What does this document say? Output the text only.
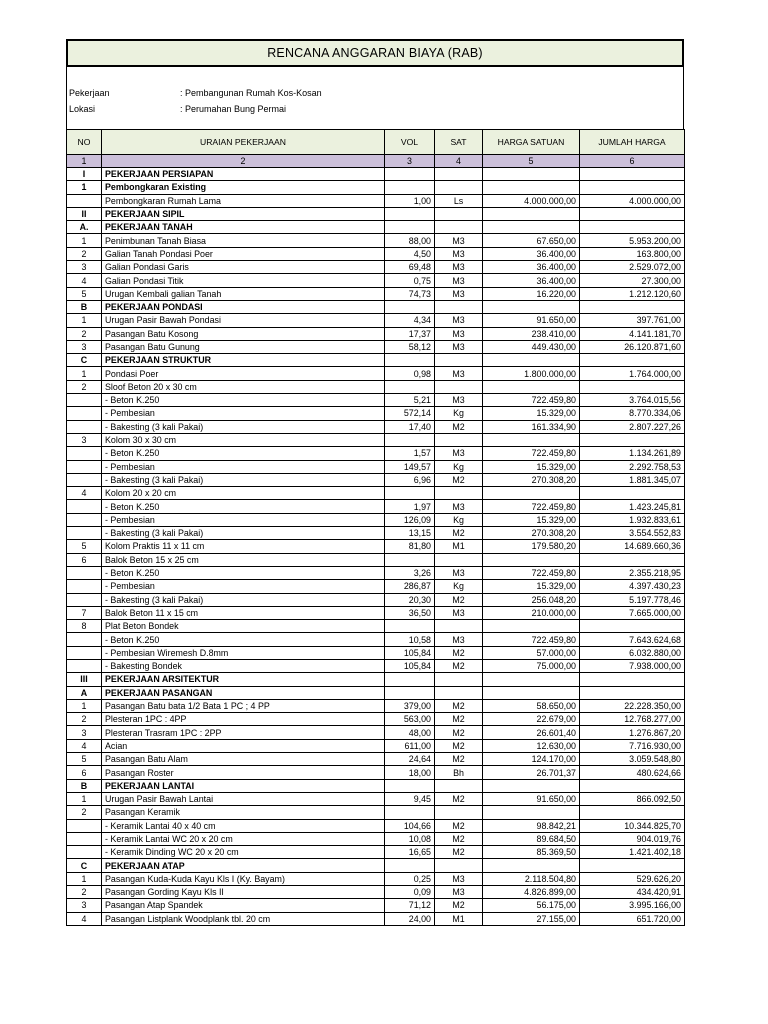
RENCANA ANGGARAN BIAYA (RAB)
Pekerjaan	: Pembangunan Rumah Kos-Kosan
Lokasi	: Perumahan Bung Permai
NO	URAIAN PEKERJAAN	VOL	SAT	HARGA SATUAN	JUMLAH HARGA
1	2	3	4	5	6
I	PEKERJAAN PERSIAPAN				
1	Pembongkaran Existing				
	Pembongkaran Rumah Lama	1,00	Ls	4.000.000,00	4.000.000,00
II	PEKERJAAN SIPIL				
A.	PEKERJAAN TANAH				
1	Penimbunan Tanah Biasa	88,00	M3	67.650,00	5.953.200,00
2	Galian Tanah Pondasi Poer	4,50	M3	36.400,00	163.800,00
3	Galian Pondasi Garis	69,48	M3	36.400,00	2.529.072,00
4	Galian Pondasi Titik	0,75	M3	36.400,00	27.300,00
5	Urugan Kembali galian Tanah	74,73	M3	16.220,00	1.212.120,60
B	PEKERJAAN PONDASI				
1	Urugan Pasir Bawah Pondasi	4,34	M3	91.650,00	397.761,00
2	Pasangan Batu Kosong	17,37	M3	238.410,00	4.141.181,70
3	Pasangan Batu Gunung	58,12	M3	449.430,00	26.120.871,60
C	PEKERJAAN STRUKTUR				
1	Pondasi Poer	0,98	M3	1.800.000,00	1.764.000,00
2	Sloof Beton 20 x 30 cm				
	- Beton K.250	5,21	M3	722.459,80	3.764.015,56
	- Pembesian	572,14	Kg	15.329,00	8.770.334,06
	- Bakesting (3 kali Pakai)	17,40	M2	161.334,90	2.807.227,26
3	Kolom 30 x 30 cm				
	- Beton K.250	1,57	M3	722.459,80	1.134.261,89
	- Pembesian	149,57	Kg	15.329,00	2.292.758,53
	- Bakesting (3 kali Pakai)	6,96	M2	270.308,20	1.881.345,07
4	Kolom 20 x 20 cm				
	- Beton K.250	1,97	M3	722.459,80	1.423.245,81
	- Pembesian	126,09	Kg	15.329,00	1.932.833,61
	- Bakesting (3 kali Pakai)	13,15	M2	270.308,20	3.554.552,83
5	Kolom Praktis 11 x 11 cm	81,80	M1	179.580,20	14.689.660,36
6	Balok Beton 15 x 25 cm				
	- Beton K.250	3,26	M3	722.459,80	2.355.218,95
	- Pembesian	286,87	Kg	15.329,00	4.397.430,23
	- Bakesting (3 kali Pakai)	20,30	M2	256.048,20	5.197.778,46
7	Balok Beton 11 x 15 cm	36,50	M3	210.000,00	7.665.000,00
8	Plat Beton Bondek				
	- Beton K.250	10,58	M3	722.459,80	7.643.624,68
	- Pembesian Wiremesh D.8mm	105,84	M2	57.000,00	6.032.880,00
	- Bakesting Bondek	105,84	M2	75.000,00	7.938.000,00
III	PEKERJAAN ARSITEKTUR				
A	PEKERJAAN PASANGAN				
1	Pasangan Batu bata 1/2 Bata 1 PC ; 4 PP	379,00	M2	58.650,00	22.228.350,00
2	Plesteran 1PC : 4PP	563,00	M2	22.679,00	12.768.277,00
3	Plesteran Trasram 1PC : 2PP	48,00	M2	26.601,40	1.276.867,20
4	Acian	611,00	M2	12.630,00	7.716.930,00
5	Pasangan Batu Alam	24,64	M2	124.170,00	3.059.548,80
6	Pasangan Roster	18,00	Bh	26.701,37	480.624,66
B	PEKERJAAN LANTAI				
1	Urugan Pasir Bawah Lantai	9,45	M2	91.650,00	866.092,50
2	Pasangan Keramik				
	- Keramik Lantai 40 x 40 cm	104,66	M2	98.842,21	10.344.825,70
	- Keramik Lantai WC 20 x 20 cm	10,08	M2	89.684,50	904.019,76
	- Keramik Dinding WC 20 x 20 cm	16,65	M2	85.369,50	1.421.402,18
C	PEKERJAAN ATAP				
1	Pasangan Kuda-Kuda Kayu Kls I (Ky. Bayam)	0,25	M3	2.118.504,80	529.626,20
2	Pasangan Gording Kayu Kls II	0,09	M3	4.826.899,00	434.420,91
3	Pasangan Atap Spandek	71,12	M2	56.175,00	3.995.166,00
4	Pasangan Listplank Woodplank tbl. 20 cm	24,00	M1	27.155,00	651.720,00
